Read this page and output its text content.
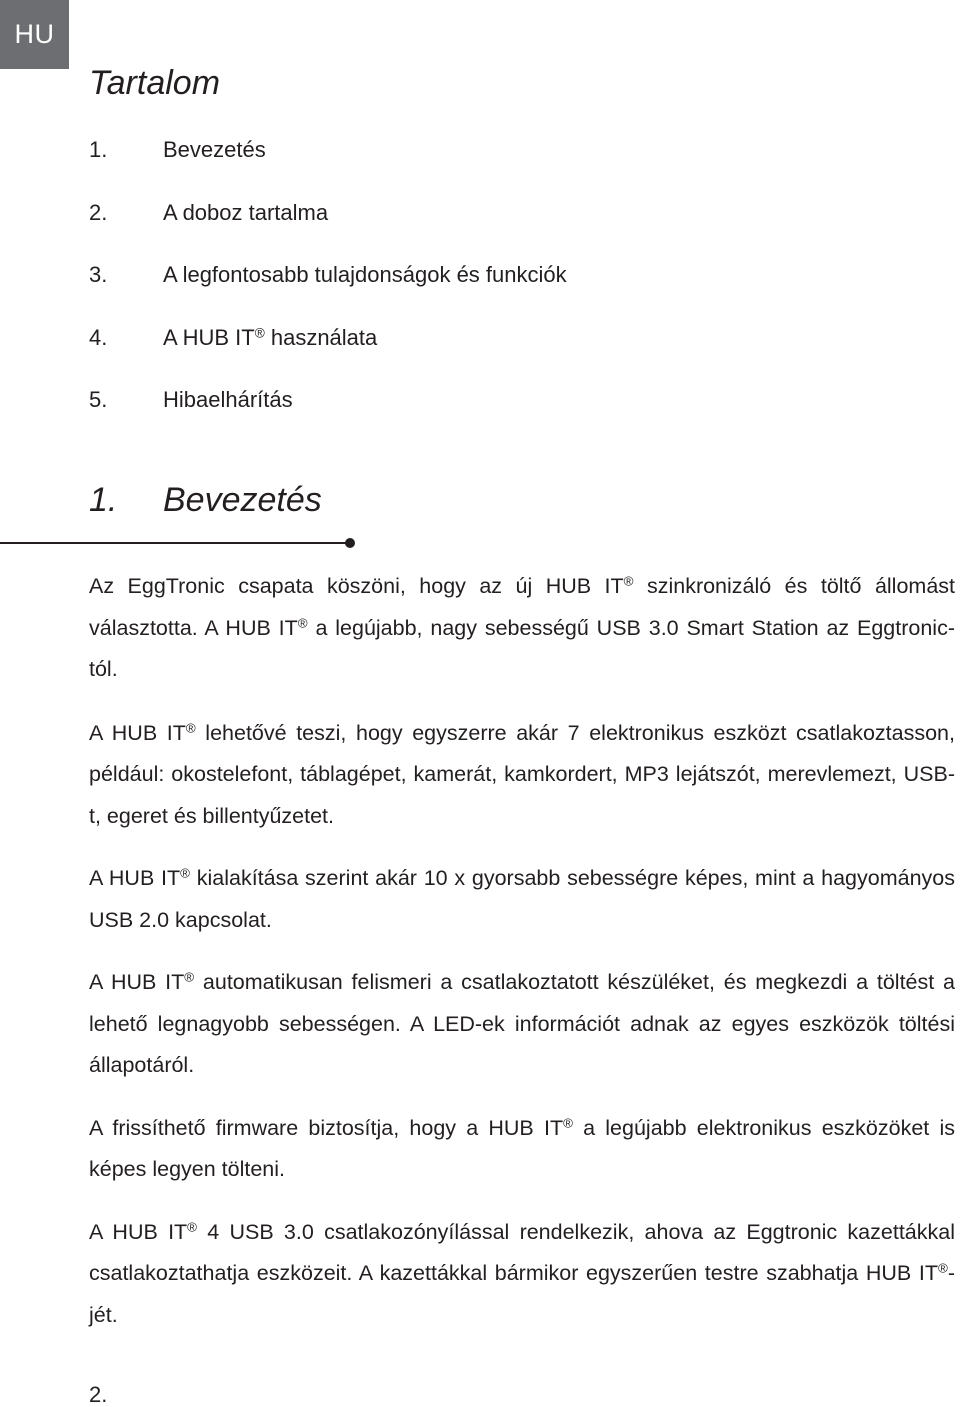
HU
Tartalom
1.	Bevezetés
2.	A doboz tartalma
3.	A legfontosabb tulajdonságok és funkciók
4.	A HUB IT® használata
5.	Hibaelhárítás
1. Bevezetés

Az EggTronic csapata köszöni, hogy az új HUB IT® szinkronizáló és töltő állomást választotta. A HUB IT® a legújabb, nagy sebességű USB 3.0 Smart Station az Eggtronic-tól.

A HUB IT® lehetővé teszi, hogy egyszerre akár 7 elektronikus eszközt csatlakoztasson, például: okostelefont, táblagépet, kamerát, kamkordert, MP3 lejátszót, merevlemezt, USB-t, egeret és billentyűzetet.

A HUB IT® kialakítása szerint akár 10 x gyorsabb sebességre képes, mint a hagyományos USB 2.0 kapcsolat.

A HUB IT® automatikusan felismeri a csatlakoztatott készüléket, és megkezdi a töltést a lehető legnagyobb sebességen. A LED-ek információt adnak az egyes eszközök töltési állapotáról.

A frissíthető firmware biztosítja, hogy a HUB IT® a legújabb elektronikus eszközöket is képes legyen tölteni.

A HUB IT® 4 USB 3.0 csatlakozónyílással rendelkezik, ahova az Eggtronic kazettákkal csatlakoztathatja eszközeit. A kazettákkal bármikor egyszerűen testre szabhatja HUB IT®-jét.

2.
